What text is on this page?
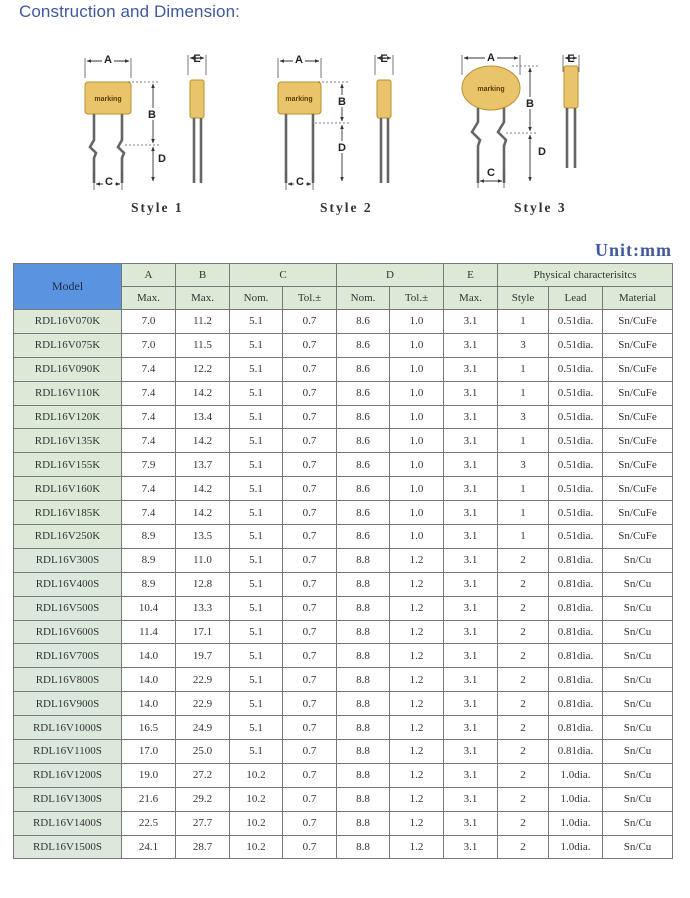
Construction and Dimension:
A
marking
B
D
C
E	A
marking B
D
C
E	A
marking
B
D
C
E
Style 1	Style 2	Style 3
Unit:mm
Model	A	B	C		D		E	Physical characterisitcs		
	Max.	Max.	Nom.	Tol.±	Nom.	Tol.±	Max.	Style	Lead	Material
RDL16V070K	7.0	11.2	5.1	0.7	8.6	1.0	3.1	1	0.51dia.	Sn/CuFe
RDL16V075K	7.0	11.5	5.1	0.7	8.6	1.0	3.1	3	0.51dia.	Sn/CuFe
RDL16V090K	7.4	12.2	5.1	0.7	8.6	1.0	3.1	1	0.51dia.	Sn/CuFe
RDL16V110K	7.4	14.2	5.1	0.7	8.6	1.0	3.1	1	0.51dia.	Sn/CuFe
RDL16V120K	7.4	13.4	5.1	0.7	8.6	1.0	3.1	3	0.51dia.	Sn/CuFe
RDL16V135K	7.4	14.2	5.1	0.7	8.6	1.0	3.1	1	0.51dia.	Sn/CuFe
RDL16V155K	7.9	13.7	5.1	0.7	8.6	1.0	3.1	3	0.51dia.	Sn/CuFe
RDL16V160K	7.4	14.2	5.1	0.7	8.6	1.0	3.1	1	0.51dia.	Sn/CuFe
RDL16V185K	7.4	14.2	5.1	0.7	8.6	1.0	3.1	1	0.51dia.	Sn/CuFe
RDL16V250K	8.9	13.5	5.1	0.7	8.6	1.0	3.1	1	0.51dia.	Sn/CuFe
RDL16V300S	8.9	11.0	5.1	0.7	8.8	1.2	3.1	2	0.81dia.	Sn/Cu
RDL16V400S	8.9	12.8	5.1	0.7	8.8	1.2	3.1	2	0.81dia.	Sn/Cu
RDL16V500S	10.4	13.3	5.1	0.7	8.8	1.2	3.1	2	0.81dia.	Sn/Cu
RDL16V600S	11.4	17.1	5.1	0.7	8.8	1.2	3.1	2	0.81dia.	Sn/Cu
RDL16V700S	14.0	19.7	5.1	0.7	8.8	1.2	3.1	2	0.81dia.	Sn/Cu
RDL16V800S	14.0	22.9	5.1	0.7	8.8	1.2	3.1	2	0.81dia.	Sn/Cu
RDL16V900S	14.0	22.9	5.1	0.7	8.8	1.2	3.1	2	0.81dia.	Sn/Cu
RDL16V1000S	16.5	24.9	5.1	0.7	8.8	1.2	3.1	2	0.81dia.	Sn/Cu
RDL16V1100S	17.0	25.0	5.1	0.7	8.8	1.2	3.1	2	0.81dia.	Sn/Cu
RDL16V1200S	19.0	27.2	10.2	0.7	8.8	1.2	3.1	2	1.0dia.	Sn/Cu
RDL16V1300S	21.6	29.2	10.2	0.7	8.8	1.2	3.1	2	1.0dia.	Sn/Cu
RDL16V1400S	22.5	27.7	10.2	0.7	8.8	1.2	3.1	2	1.0dia.	Sn/Cu
RDL16V1500S	24.1	28.7	10.2	0.7	8.8	1.2	3.1	2	1.0dia.	Sn/Cu
